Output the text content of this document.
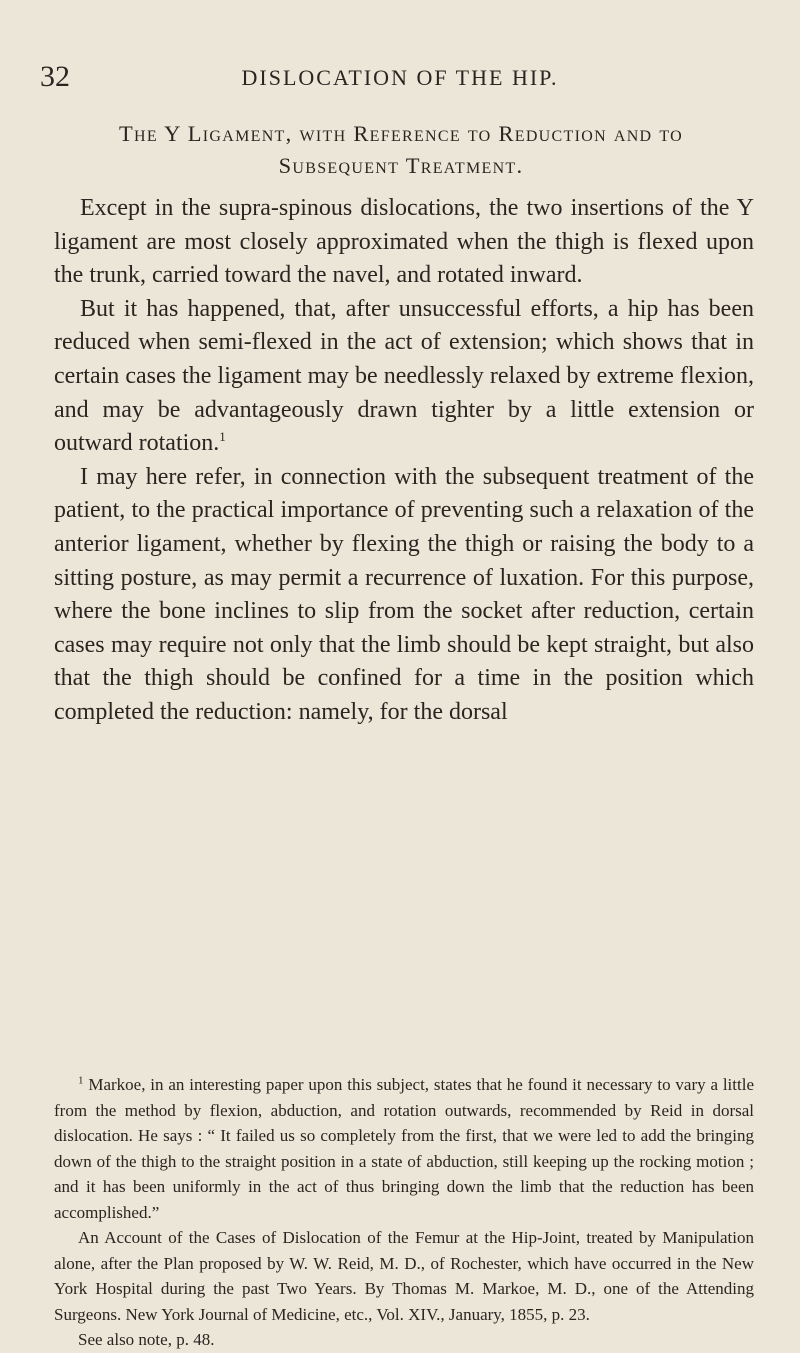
32	DISLOCATION OF THE HIP.
The Y Ligament, with Reference to Reduction and to Subsequent Treatment.

Except in the supra-spinous dislocations, the two insertions of the Y ligament are most closely approximated when the thigh is flexed upon the trunk, carried toward the navel, and rotated inward.

But it has happened, that, after unsuccessful efforts, a hip has been reduced when semi-flexed in the act of extension; which shows that in certain cases the ligament may be needlessly relaxed by extreme flexion, and may be advantageously drawn tighter by a little extension or outward rotation.$^1$

I may here refer, in connection with the subsequent treatment of the patient, to the practical importance of preventing such a relaxation of the anterior ligament, whether by flexing the thigh or raising the body to a sitting posture, as may permit a recurrence of luxation. For this purpose, where the bone inclines to slip from the socket after reduction, certain cases may require not only that the limb should be kept straight, but also that the thigh should be confined for a time in the position which completed the reduction: namely, for the dorsal

$^1$ Markoe, in an interesting paper upon this subject, states that he found it necessary to vary a little from the method by flexion, abduction, and rotation outwards, recommended by Reid in dorsal dislocation. He says : “ It failed us so completely from the first, that we were led to add the bringing down of the thigh to the straight position in a state of abduction, still keeping up the rocking motion ; and it has been uniformly in the act of thus bringing down the limb that the reduction has been accomplished.”

An Account of the Cases of Dislocation of the Femur at the Hip-Joint, treated by Manipulation alone, after the Plan proposed by W. W. Reid, M. D., of Rochester, which have occurred in the New York Hospital during the past Two Years. By Thomas M. Markoe, M. D., one of the Attending Surgeons. New York Journal of Medicine, etc., Vol. XIV., January, 1855, p. 23.

See also note, p. 48.
